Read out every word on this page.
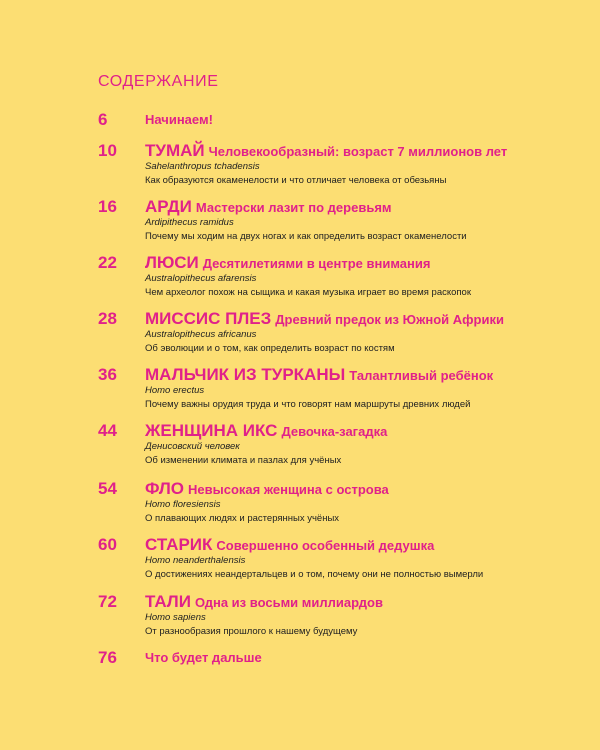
СОДЕРЖАНИЕ
6	Начинаем!
10 ТУМАЙ Человекообразный: возраст 7 миллионов лет
Sahelanthropus tchadensis
Как образуются окаменелости и что отличает человека от обезьяны
16 АРДИ Мастерски лазит по деревьям
Ardipithecus ramidus
Почему мы ходим на двух ногах и как определить возраст окаменелости
22 ЛЮСИ Десятилетиями в центре внимания
Australopithecus afarensis
Чем археолог похож на сыщика и какая музыка играет во время раскопок
28 МИССИС ПЛЕЗ Древний предок из Южной Африки
Australopithecus africanus
Об эволюции и о том, как определить возраст по костям
36 МАЛЬЧИК ИЗ ТУРКАНЫ Талантливый ребёнок
Homo erectus
Почему важны орудия труда и что говорят нам маршруты древних людей
44 ЖЕНЩИНА ИКС Девочка-загадка
Денисовский человек
Об изменении климата и пазлах для учёных
54 ФЛО Невысокая женщина с острова
Homo floresiensis
О плавающих людях и растерянных учёных
60 СТАРИК Совершенно особенный дедушка
Homo neanderthalensis
О достижениях неандертальцев и о том, почему они не полностью вымерли
72 ТАЛИ Одна из восьми миллиардов
Homo sapiens
От разнообразия прошлого к нашему будущему
76 Что будет дальше
